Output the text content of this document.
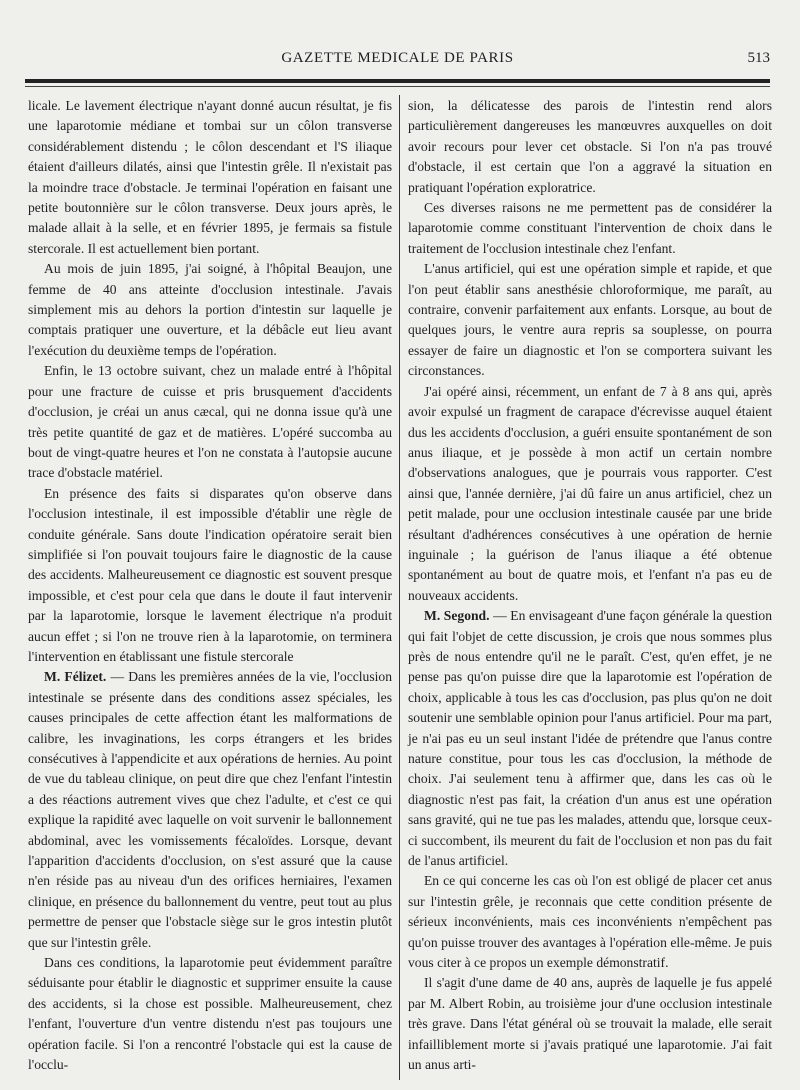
GAZETTE MEDICALE DE PARIS	513

licale. Le lavement électrique n'ayant donné aucun résultat, je fis une laparotomie médiane et tombai sur un côlon transverse considérablement distendu ; le côlon descendant et l'S iliaque étaient d'ailleurs dilatés, ainsi que l'intestin grêle. Il n'existait pas la moindre trace d'obstacle. Je terminai l'opération en faisant une petite boutonnière sur le côlon transverse. Deux jours après, le malade allait à la selle, et en février 1895, je fermais sa fistule stercorale. Il est actuellement bien portant.

Au mois de juin 1895, j'ai soigné, à l'hôpital Beaujon, une femme de 40 ans atteinte d'occlusion intestinale. J'avais simplement mis au dehors la portion d'intestin sur laquelle je comptais pratiquer une ouverture, et la débâcle eut lieu avant l'exécution du deuxième temps de l'opération.

Enfin, le 13 octobre suivant, chez un malade entré à l'hôpital pour une fracture de cuisse et pris brusquement d'accidents d'occlusion, je créai un anus cæcal, qui ne donna issue qu'à une très petite quantité de gaz et de matières. L'opéré succomba au bout de vingt-quatre heures et l'on ne constata à l'autopsie aucune trace d'obstacle matériel.

En présence des faits si disparates qu'on observe dans l'occlusion intestinale, il est impossible d'établir une règle de conduite générale. Sans doute l'indication opératoire serait bien simplifiée si l'on pouvait toujours faire le diagnostic de la cause des accidents. Malheureusement ce diagnostic est souvent presque impossible, et c'est pour cela que dans le doute il faut intervenir par la laparotomie, lorsque le lavement électrique n'a produit aucun effet ; si l'on ne trouve rien à la laparotomie, on terminera l'intervention en établissant une fistule stercorale

M. Félizet. — Dans les premières années de la vie, l'occlusion intestinale se présente dans des conditions assez spéciales, les causes principales de cette affection étant les malformations de calibre, les invaginations, les corps étrangers et les brides consécutives à l'appendicite et aux opérations de hernies. Au point de vue du tableau clinique, on peut dire que chez l'enfant l'intestin a des réactions autrement vives que chez l'adulte, et c'est ce qui explique la rapidité avec laquelle on voit survenir le ballonnement abdominal, avec les vomissements fécaloïdes. Lorsque, devant l'apparition d'accidents d'occlusion, on s'est assuré que la cause n'en réside pas au niveau d'un des orifices herniaires, l'examen clinique, en présence du ballonnement du ventre, peut tout au plus permettre de penser que l'obstacle siège sur le gros intestin plutôt que sur l'intestin grêle.

Dans ces conditions, la laparotomie peut évidemment paraître séduisante pour établir le diagnostic et supprimer ensuite la cause des accidents, si la chose est possible. Malheureusement, chez l'enfant, l'ouverture d'un ventre distendu n'est pas toujours une opération facile. Si l'on a rencontré l'obstacle qui est la cause de l'occlu-

sion, la délicatesse des parois de l'intestin rend alors particulièrement dangereuses les manœuvres auxquelles on doit avoir recours pour lever cet obstacle. Si l'on n'a pas trouvé d'obstacle, il est certain que l'on a aggravé la situation en pratiquant l'opération exploratrice.

Ces diverses raisons ne me permettent pas de considérer la laparotomie comme constituant l'intervention de choix dans le traitement de l'occlusion intestinale chez l'enfant.

L'anus artificiel, qui est une opération simple et rapide, et que l'on peut établir sans anesthésie chloroformique, me paraît, au contraire, convenir parfaitement aux enfants. Lorsque, au bout de quelques jours, le ventre aura repris sa souplesse, on pourra essayer de faire un diagnostic et l'on se comportera suivant les circonstances.

J'ai opéré ainsi, récemment, un enfant de 7 à 8 ans qui, après avoir expulsé un fragment de carapace d'écrevisse auquel étaient dus les accidents d'occlusion, a guéri ensuite spontanément de son anus iliaque, et je possède à mon actif un certain nombre d'observations analogues, que je pourrais vous rapporter. C'est ainsi que, l'année dernière, j'ai dû faire un anus artificiel, chez un petit malade, pour une occlusion intestinale causée par une bride résultant d'adhérences consécutives à une opération de hernie inguinale ; la guérison de l'anus iliaque a été obtenue spontanément au bout de quatre mois, et l'enfant n'a pas eu de nouveaux accidents.

M. Segond. — En envisageant d'une façon générale la question qui fait l'objet de cette discussion, je crois que nous sommes plus près de nous entendre qu'il ne le paraît. C'est, qu'en effet, je ne pense pas qu'on puisse dire que la laparotomie est l'opération de choix, applicable à tous les cas d'occlusion, pas plus qu'on ne doit soutenir une semblable opinion pour l'anus artificiel. Pour ma part, je n'ai pas eu un seul instant l'idée de prétendre que l'anus contre nature constitue, pour tous les cas d'occlusion, la méthode de choix. J'ai seulement tenu à affirmer que, dans les cas où le diagnostic n'est pas fait, la création d'un anus est une opération sans gravité, qui ne tue pas les malades, attendu que, lorsque ceux-ci succombent, ils meurent du fait de l'occlusion et non pas du fait de l'anus artificiel.

En ce qui concerne les cas où l'on est obligé de placer cet anus sur l'intestin grêle, je reconnais que cette condition présente de sérieux inconvénients, mais ces inconvénients n'empêchent pas qu'on puisse trouver des avantages à l'opération elle-même. Je puis vous citer à ce propos un exemple démonstratif.

Il s'agit d'une dame de 40 ans, auprès de laquelle je fus appelé par M. Albert Robin, au troisième jour d'une occlusion intestinale très grave. Dans l'état général où se trouvait la malade, elle serait infailliblement morte si j'avais pratiqué une laparotomie. J'ai fait un anus arti-
